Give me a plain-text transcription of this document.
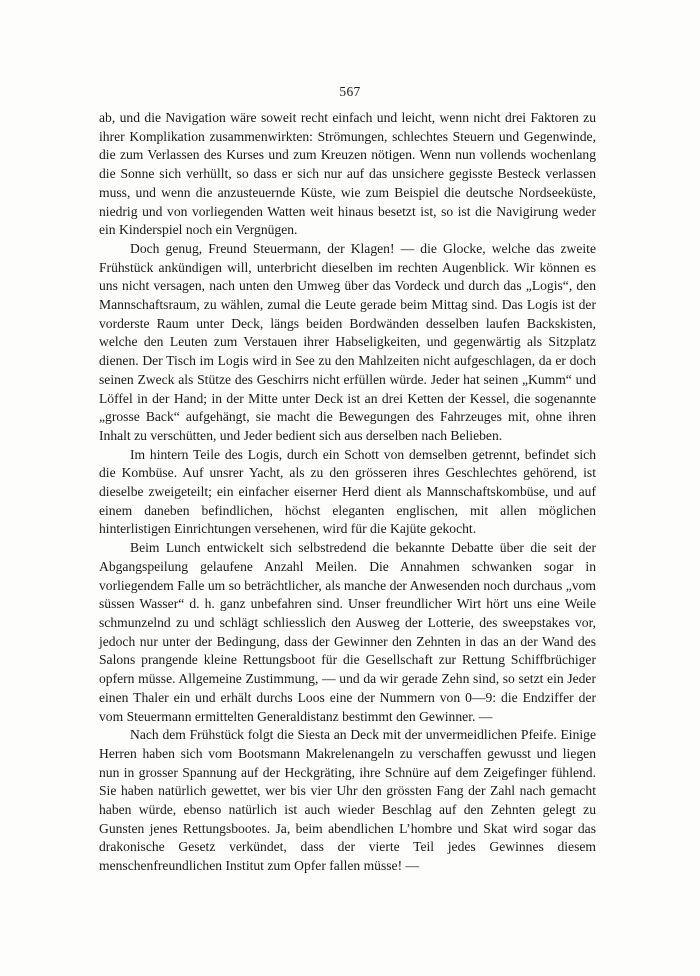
567

ab, und die Navigation wäre soweit recht einfach und leicht, wenn nicht drei Faktoren zu ihrer Komplikation zusammenwirkten: Strömungen, schlechtes Steuern und Gegenwinde, die zum Verlassen des Kurses und zum Kreuzen nötigen. Wenn nun vollends wochenlang die Sonne sich verhüllt, so dass er sich nur auf das unsichere gegisste Besteck verlassen muss, und wenn die anzusteuernde Küste, wie zum Beispiel die deutsche Nordseeküste, niedrig und von vorliegenden Watten weit hinaus besetzt ist, so ist die Navigirung weder ein Kinderspiel noch ein Vergnügen.

Doch genug, Freund Steuermann, der Klagen! — die Glocke, welche das zweite Frühstück ankündigen will, unterbricht dieselben im rechten Augenblick. Wir können es uns nicht versagen, nach unten den Umweg über das Vordeck und durch das „Logis“, den Mannschaftsraum, zu wählen, zumal die Leute gerade beim Mittag sind. Das Logis ist der vorderste Raum unter Deck, längs beiden Bordwänden desselben laufen Backskisten, welche den Leuten zum Verstauen ihrer Habseligkeiten, und gegenwärtig als Sitzplatz dienen. Der Tisch im Logis wird in See zu den Mahlzeiten nicht aufgeschlagen, da er doch seinen Zweck als Stütze des Geschirrs nicht erfüllen würde. Jeder hat seinen „Kumm“ und Löffel in der Hand; in der Mitte unter Deck ist an drei Ketten der Kessel, die sogenannte „grosse Back“ aufgehängt, sie macht die Bewegungen des Fahrzeuges mit, ohne ihren Inhalt zu verschütten, und Jeder bedient sich aus derselben nach Belieben.

Im hintern Teile des Logis, durch ein Schott von demselben getrennt, befindet sich die Kombüse. Auf unsrer Yacht, als zu den grösseren ihres Geschlechtes gehörend, ist dieselbe zweigeteilt; ein einfacher eiserner Herd dient als Mannschaftskombüse, und auf einem daneben befindlichen, höchst eleganten englischen, mit allen möglichen hinterlistigen Einrichtungen versehenen, wird für die Kajüte gekocht.

Beim Lunch entwickelt sich selbstredend die bekannte Debatte über die seit der Abgangspeilung gelaufene Anzahl Meilen. Die Annahmen schwanken sogar in vorliegendem Falle um so beträchtlicher, als manche der Anwesenden noch durchaus „vom süssen Wasser“ d. h. ganz unbefahren sind. Unser freundlicher Wirt hört uns eine Weile schmunzelnd zu und schlägt schliesslich den Ausweg der Lotterie, des sweepstakes vor, jedoch nur unter der Bedingung, dass der Gewinner den Zehnten in das an der Wand des Salons prangende kleine Rettungsboot für die Gesellschaft zur Rettung Schiffbrüchiger opfern müsse. Allgemeine Zustimmung, — und da wir gerade Zehn sind, so setzt ein Jeder einen Thaler ein und erhält durchs Loos eine der Nummern von 0—9: die Endziffer der vom Steuermann ermittelten Generaldistanz bestimmt den Gewinner. —

Nach dem Frühstück folgt die Siesta an Deck mit der unvermeidlichen Pfeife. Einige Herren haben sich vom Bootsmann Makrelenangeln zu verschaffen gewusst und liegen nun in grosser Spannung auf der Heckgräting, ihre Schnüre auf dem Zeigefinger fühlend. Sie haben natürlich gewettet, wer bis vier Uhr den grössten Fang der Zahl nach gemacht haben würde, ebenso natürlich ist auch wieder Beschlag auf den Zehnten gelegt zu Gunsten jenes Rettungsbootes. Ja, beim abendlichen L’hombre und Skat wird sogar das drakonische Gesetz verkündet, dass der vierte Teil jedes Gewinnes diesem menschenfreundlichen Institut zum Opfer fallen müsse! —
